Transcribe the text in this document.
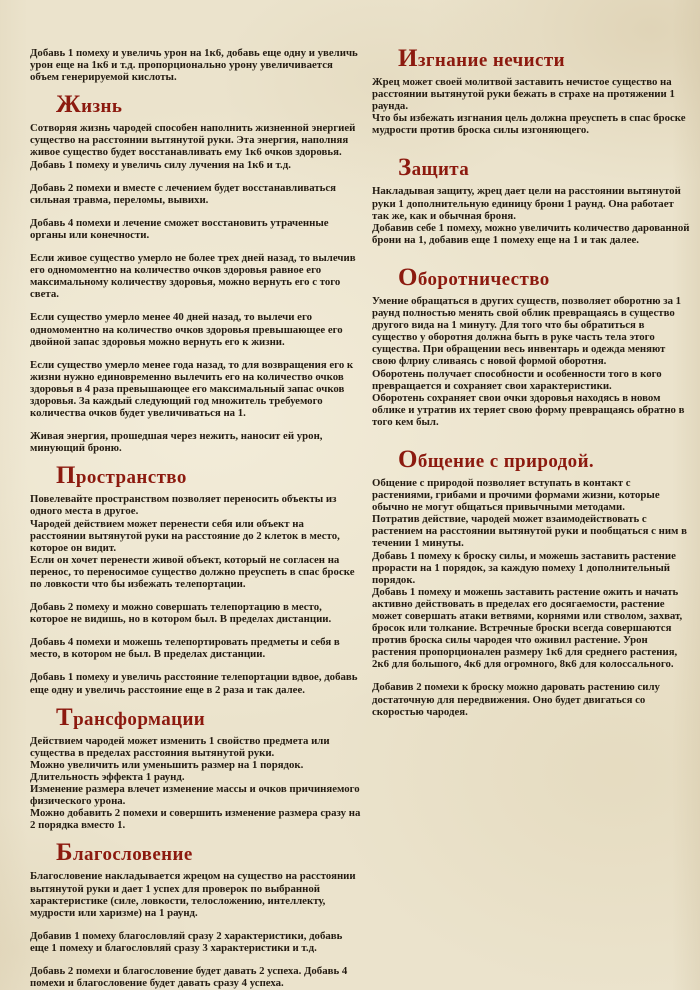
Добавь 1 помеху и увеличь урон на 1к6, добавь еще одну и увеличь урон еще на 1к6 и т.д. пропорционально урону увеличивается объем генерируемой кислоты.
Жизнь
Сотворяя жизнь чародей способен наполнить жизненной энергией существо на расстоянии вытянутой руки. Эта энергия, наполняя живое существо будет восстанавливать ему 1к6 очков здоровья. Добавь 1 помеху и увеличь силу лучения на 1к6 и т.д.
Добавь 2 помехи и вместе с лечением будет восстанавливаться сильная травма, переломы, вывихи.
Добавь 4 помехи и лечение сможет восстановить утраченные органы или конечности.
Если живое существо умерло не более трех дней назад, то вылечив его одномоментно на количество очков здоровья равное его максимальному количеству здоровья, можно вернуть его с того света.
Если существо умерло менее 40 дней назад, то вылечи его одномоментно на количество очков здоровья превышающее его двойной запас здоровья можно вернуть его к жизни.
Если существо умерло менее года назад, то для возвращения его к жизни нужно единовременно вылечить его на количество очков здоровья в 4 раза превышающее его максимальный запас очков здоровья. За каждый следующий год множитель требуемого количества очков будет увеличиваться на 1.
Живая энергия, прошедшая через нежить, наносит ей урон, минующий броню.
Пространство
Повелевайте пространством позволяет переносить объекты из одного места в другое.
Чародей действием может перенести себя или объект на расстоянии вытянутой руки на расстояние до 2 клеток в место, которое он видит.
Если он хочет перенести живой объект, который не согласен на перенос, то переносимое существо должно преуспеть в спас броске по ловкости что бы избежать телепортации.
Добавь 2 помеху и можно совершать телепортацию в место, которое не видишь, но в котором был. В пределах дистанции.
Добавь 4 помехи и можешь телепортировать предметы и себя в место, в котором не был. В пределах дистанции.
Добавь 1 помеху и увеличь расстояние телепортации вдвое, добавь еще одну и увеличь расстояние еще в 2 раза и так далее.
Трансформации
Действием чародей может изменить 1 свойство предмета или существа в пределах расстояния вытянутой руки.
Можно увеличить или уменьшить размер на 1 порядок.
Длительность эффекта 1 раунд.
Изменение размера влечет изменение массы и очков причиняемого физического урона.
Можно добавить 2 помехи и совершить изменение размера сразу на 2 порядка вместо 1.
Благословение
Благословение накладывается жрецом на существо на расстоянии вытянутой руки и дает 1 успех для проверок по выбранной характеристике (силе, ловкости, телосложению, интеллекту, мудрости или харизме) на 1 раунд.
Добавив 1 помеху благословляй сразу 2 характеристики, добавь еще 1 помеху и благословляй сразу 3 характеристики и т.д.
Добавь 2 помехи и благословение будет давать 2 успеха. Добавь 4 помехи и благословение будет давать сразу 4 успеха.
Изгнание нечисти
Жрец может своей молитвой заставить нечистое существо на расстоянии вытянутой руки бежать в страхе на протяжении 1 раунда.
Что бы избежать изгнания цель должна преуспеть в спас броске мудрости против броска силы изгоняющего.
Защита
Накладывая защиту, жрец дает цели на расстоянии вытянутой руки 1 дополнительную единицу брони 1 раунд. Она работает так же, как и обычная броня.
Добавив себе 1 помеху, можно увеличить количество дарованной брони на 1, добавив еще 1 помеху еще на 1 и так далее.
Оборотничество
Умение обращаться в других существ, позволяет оборотню за 1 раунд полностью менять свой облик превращаясь в существо другого вида на 1 минуту. Для того что бы обратиться в существо у оборотня должна быть в руке часть тела этого существа. При обращении весь инвентарь и одежда меняют свою флриу сливаясь с новой формой оборотня.
Оборотень получает способности и особенности того в кого превращается и сохраняет свои характеристики.
Оборотень сохраняет свои очки здоровья находясь в новом облике и утратив их теряет свою форму превращаясь обратно в того кем был.
Общение с природой.
Общение с природой позволяет вступать в контакт с растениями, грибами и прочими формами жизни, которые обычно не могут общаться привычными методами.
Потратив действие, чародей может взаимодействовать с растением на расстоянии вытянутой руки и пообщаться с ним в течении 1 минуты.
Добавь 1 помеху к броску силы, и можешь заставить растение прорасти на 1 порядок, за каждую помеху 1 дополнительный порядок.
Добавь 1 помеху и можешь заставить растение ожить и начать активно действовать в пределах его досягаемости, растение может совершать атаки ветвями, корнями или стволом, захват, бросок или толкание. Встречные броски всегда совершаются против броска силы чародея что оживил растение. Урон растения пропорционален размеру 1к6 для среднего растения, 2к6 для большого, 4к6 для огромного, 8к6 для колоссального.
Добавив 2 помехи к броску можно даровать растению силу достаточную для передвижения. Оно будет двигаться со скоростью чародея.
